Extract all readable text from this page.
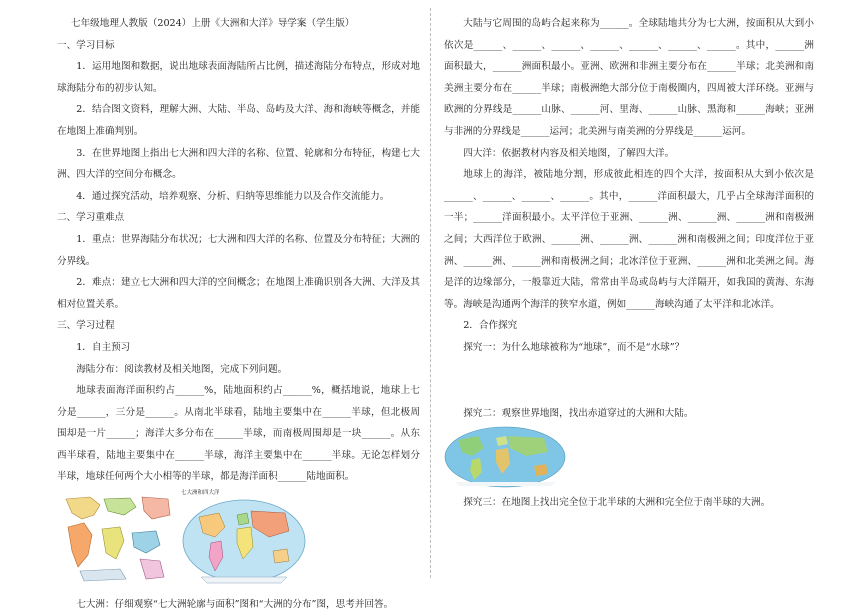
七年级地理人教版（2024）上册《大洲和大洋》导学案（学生版）

一、学习目标

1．运用地图和数据，说出地球表面海陆所占比例，描述海陆分布特点，形成对地球海陆分布的初步认知。

2．结合图文资料，理解大洲、大陆、半岛、岛屿及大洋、海和海峡等概念，并能在地图上准确判别。

3．在世界地图上指出七大洲和四大洋的名称、位置、轮廓和分布特征，构建七大洲、四大洋的空间分布概念。

4．通过探究活动，培养观察、分析、归纳等思维能力以及合作交流能力。

二、学习重难点

1．重点：世界海陆分布状况；七大洲和四大洋的名称、位置及分布特征；大洲的分界线。

2．难点：建立七大洲和四大洋的空间概念；在地图上准确识别各大洲、大洋及其相对位置关系。

三、学习过程

1．自主预习

海陆分布：阅读教材及相关地图，完成下列问题。

地球表面海洋面积约占______%，陆地面积约占______%，概括地说，地球上七分是______，三分是______。从南北半球看，陆地主要集中在______半球，但北极周围却是一片______；海洋大多分布在______半球，而南极周围却是一块______。从东西半球看，陆地主要集中在______半球，海洋主要集中在______半球。无论怎样划分半球，地球任何两个大小相等的半球，都是海洋面积______陆地面积。

七大洲和四大洋

七大洲：仔细观察“七大洲轮廓与面积”图和“大洲的分布”图，思考并回答。

大陆与它周围的岛屿合起来称为______。全球陆地共分为七大洲，按面积从大到小依次是______、______、______、______、______、______、______。其中，______洲面积最大，______洲面积最小。亚洲、欧洲和非洲主要分布在______半球；北美洲和南美洲主要分布在______半球；南极洲绝大部分位于南极圈内，四周被大洋环绕。亚洲与欧洲的分界线是______山脉、______河、里海、______山脉、黑海和______海峡；亚洲与非洲的分界线是______运河；北美洲与南美洲的分界线是______运河。

四大洋：依据教材内容及相关地图，了解四大洋。

地球上的海洋，被陆地分割，形成彼此相连的四个大洋，按面积从大到小依次是______、______、______、______。其中，______洋面积最大，几乎占全球海洋面积的一半；______洋面积最小。太平洋位于亚洲、______洲、______洲、______洲和南极洲之间；大西洋位于欧洲、______洲、______洲、______洲和南极洲之间；印度洋位于亚洲、______洲、______洲和南极洲之间；北冰洋位于亚洲、______洲和北美洲之间。海是洋的边缘部分，一般靠近大陆，常常由半岛或岛屿与大洋隔开，如我国的黄海、东海等。海峡是沟通两个海洋的狭窄水道，例如______海峡沟通了太平洋和北冰洋。

2．合作探究

探究一：为什么地球被称为“地球”，而不是“水球”？

探究二：观察世界地图，找出赤道穿过的大洲和大陆。

探究三：在地图上找出完全位于北半球的大洲和完全位于南半球的大洲。
